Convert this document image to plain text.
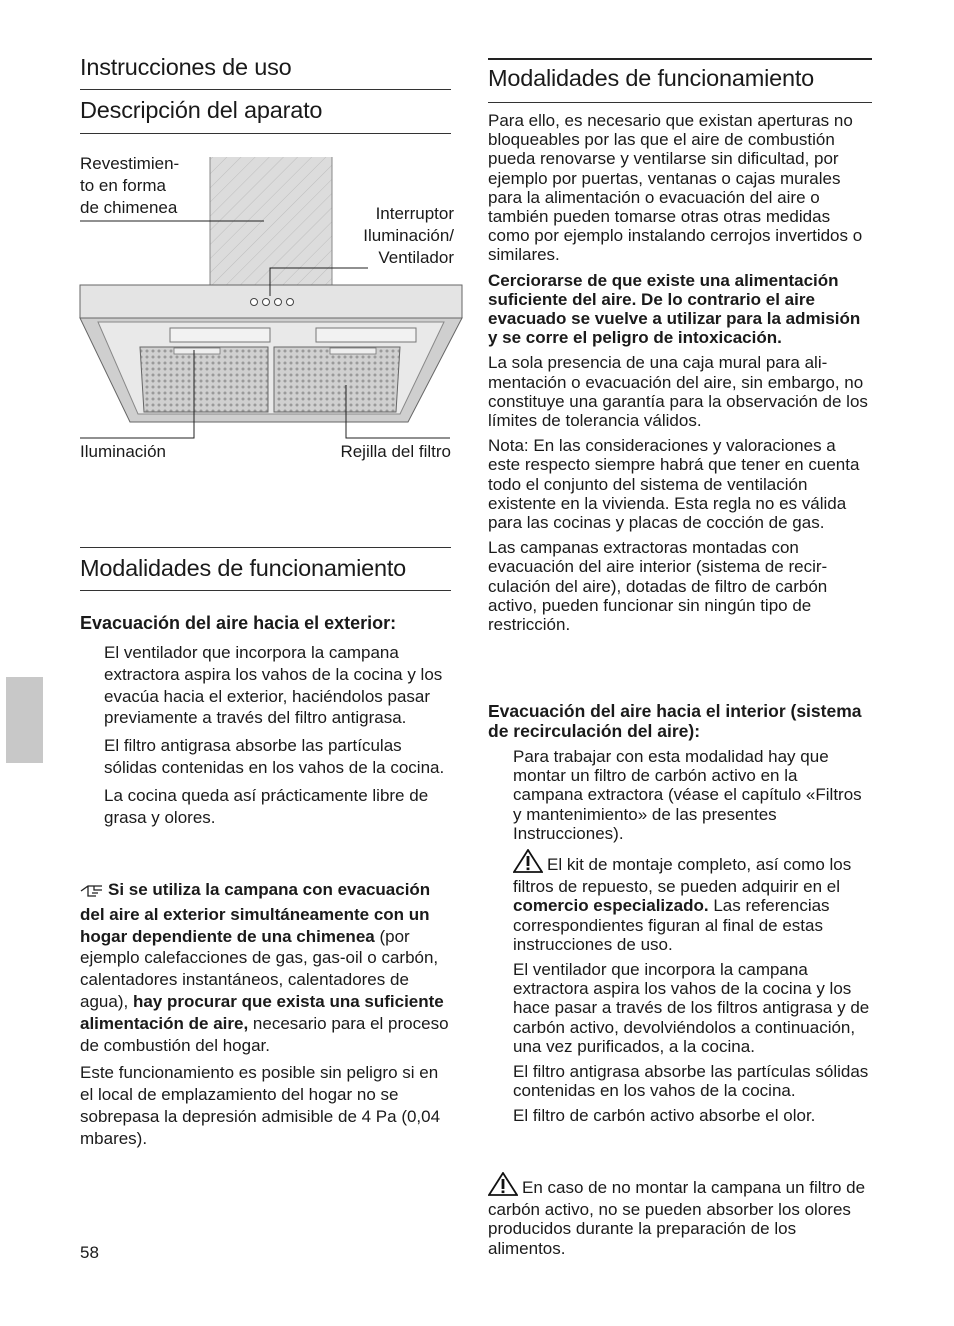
Instrucciones de uso
Descripción del aparato
Revestimien-
to en forma
de chimenea	Interruptor
Iluminación/
Ventilador
Iluminación	Rejilla del filtro
Modalidades de funcionamiento
Evacuación del aire hacia el exterior:

El ventilador que incorpora la campana extractora aspira los vahos de la cocina y los evacúa hacia el exterior, haciéndolos pasar previamente a través del filtro antigrasa.

El filtro antigrasa absorbe las partículas sólidas contenidas en los vahos de la cocina.

La cocina queda así prácticamente libre de grasa y olores.

Si se utiliza la campana con evacuación del aire al exterior simultáneamente con un hogar dependiente de una chimenea (por ejemplo calefacciones de gas, gas-oil o carbón, calentadores instantáneos, calentadores de agua), hay procurar que exista una suficiente alimentación de aire, necesario para el proceso de combustión del hogar.

Este funcionamiento es posible sin peligro si en el local de emplazamiento del hogar no se sobrepasa la depresión admisible de 4 Pa (0,04 mbares).

58
Modalidades de funcionamiento

Para ello, es necesario que existan aperturas no bloqueables por las que el aire de combustión pueda renovarse y ventilarse sin dificultad, por ejemplo por puertas, ventanas o cajas murales para la alimentación o evacuación del aire o también pueden tomarse otras otras medidas como por ejemplo instalando cerrojos invertidos o similares.

Cerciorarse de que existe una alimentación suficiente del aire. De lo contrario el aire evacuado se vuelve a utilizar para la admisión y se corre el peligro de intoxicación.

La sola presencia de una caja mural para alimentación o evacuación del aire, sin embargo, no constituye una garantía para la observación de los límites de tolerancia válidos.

Nota: En las consideraciones y valoraciones a este respecto siempre habrá que tener en cuenta todo el conjunto del sistema de ventilación existente en la vivienda. Esta regla no es válida para las cocinas y placas de cocción de gas.

Las campanas extractoras montadas con evacuación del aire interior (sistema de recirculación del aire), dotadas de filtro de carbón activo, pueden funcionar sin ningún tipo de restricción.

Evacuación del aire hacia el interior (sistema de recirculación del aire):

Para trabajar con esta modalidad hay que montar un filtro de carbón activo en la campana extractora (véase el capítulo «Filtros y mantenimiento» de las presentes Instrucciones).

El kit de montaje completo, así como los filtros de repuesto, se pueden adquirir en el comercio especializado. Las referencias correspondientes figuran al final de estas instrucciones de uso.

El ventilador que incorpora la campana extractora aspira los vahos de la cocina y los hace pasar a través de los filtros antigrasa y de carbón activo, devolviéndolos a continuación, una vez purificados, a la cocina.

El filtro antigrasa absorbe las partículas sólidas contenidas en los vahos de la cocina.

El filtro de carbón activo absorbe el olor.

En caso de no montar la campana un filtro de carbón activo, no se pueden absorber los olores producidos durante la preparación de los alimentos.
